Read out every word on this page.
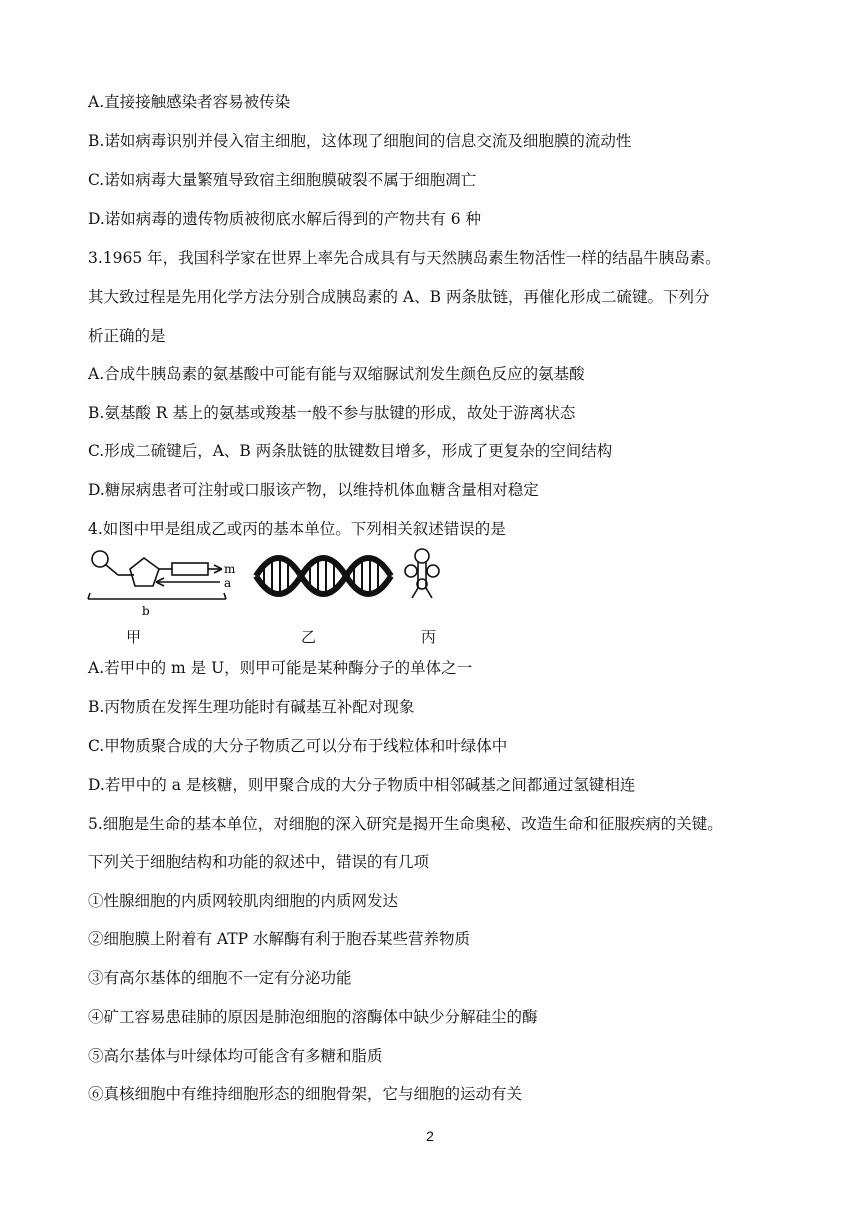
A.直接接触感染者容易被传染
B.诺如病毒识别并侵入宿主细胞，这体现了细胞间的信息交流及细胞膜的流动性
C.诺如病毒大量繁殖导致宿主细胞膜破裂不属于细胞凋亡
D.诺如病毒的遗传物质被彻底水解后得到的产物共有 6 种
3.1965 年，我国科学家在世界上率先合成具有与天然胰岛素生物活性一样的结晶牛胰岛素。
其大致过程是先用化学方法分别合成胰岛素的 A、B 两条肽链，再催化形成二硫键。下列分
析正确的是
A.合成牛胰岛素的氨基酸中可能有能与双缩脲试剂发生颜色反应的氨基酸
B.氨基酸 R 基上的氨基或羧基一般不参与肽键的形成，故处于游离状态
C.形成二硫键后，A、B 两条肽链的肽键数目增多，形成了更复杂的空间结构
D.糖尿病患者可注射或口服该产物，以维持机体血糖含量相对稳定
4.如图中甲是组成乙或丙的基本单位。下列相关叙述错误的是
m
a
b
甲	乙	丙
A.若甲中的 m 是 U，则甲可能是某种酶分子的单体之一
B.丙物质在发挥生理功能时有碱基互补配对现象
C.甲物质聚合成的大分子物质乙可以分布于线粒体和叶绿体中
D.若甲中的 a 是核糖，则甲聚合成的大分子物质中相邻碱基之间都通过氢键相连
5.细胞是生命的基本单位，对细胞的深入研究是揭开生命奥秘、改造生命和征服疾病的关键。
下列关于细胞结构和功能的叙述中，错误的有几项
①性腺细胞的内质网较肌肉细胞的内质网发达
②细胞膜上附着有 ATP 水解酶有利于胞吞某些营养物质
③有高尔基体的细胞不一定有分泌功能
④矿工容易患硅肺的原因是肺泡细胞的溶酶体中缺少分解硅尘的酶
⑤高尔基体与叶绿体均可能含有多糖和脂质
⑥真核细胞中有维持细胞形态的细胞骨架，它与细胞的运动有关
2
